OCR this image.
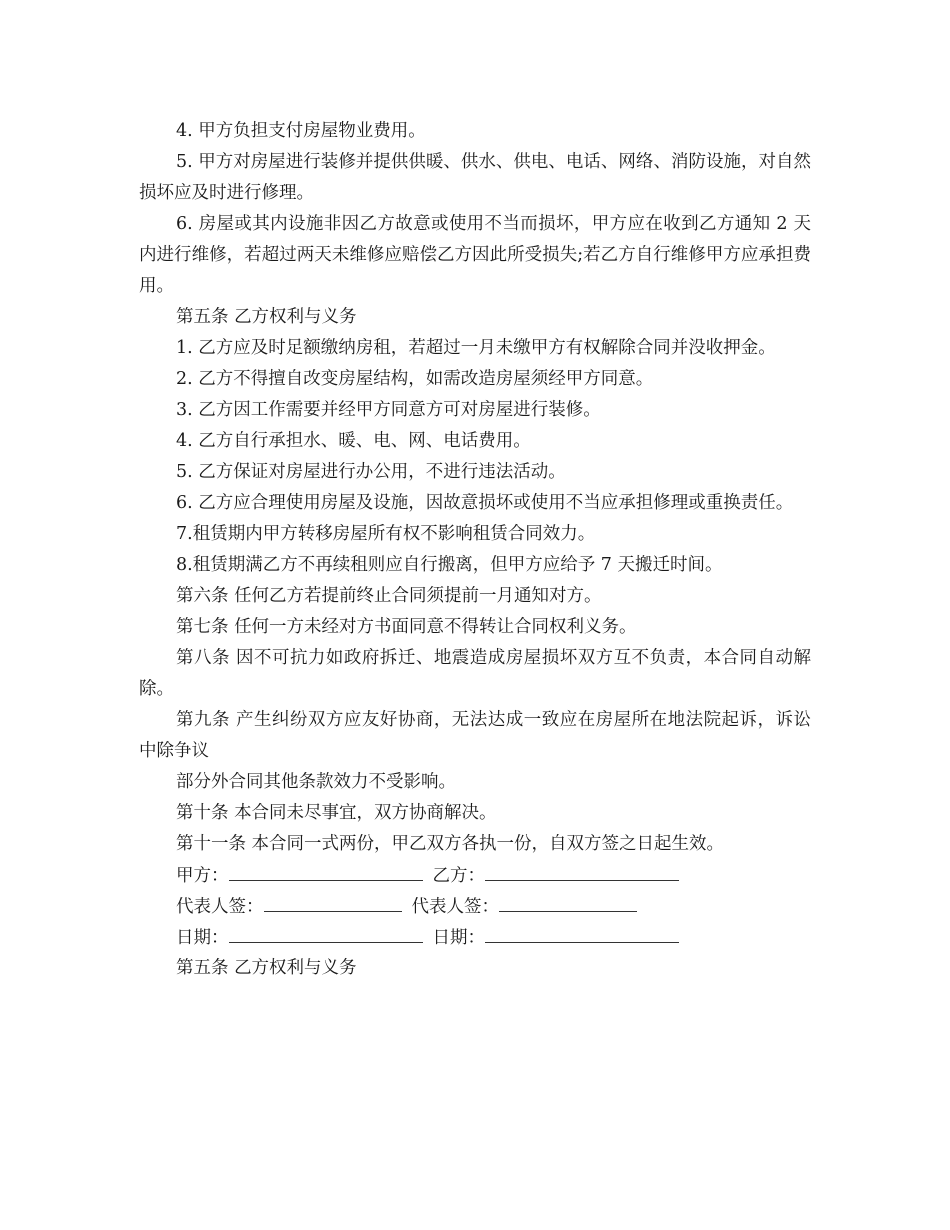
4. 甲方负担支付房屋物业费用。

5. 甲方对房屋进行装修并提供供暖、供水、供电、电话、网络、消防设施，对自然损坏应及时进行修理。

6. 房屋或其内设施非因乙方故意或使用不当而损坏，甲方应在收到乙方通知 2 天内进行维修，若超过两天未维修应赔偿乙方因此所受损失;若乙方自行维修甲方应承担费用。

第五条 乙方权利与义务

1. 乙方应及时足额缴纳房租，若超过一月未缴甲方有权解除合同并没收押金。

2. 乙方不得擅自改变房屋结构，如需改造房屋须经甲方同意。

3. 乙方因工作需要并经甲方同意方可对房屋进行装修。

4. 乙方自行承担水、暖、电、网、电话费用。

5. 乙方保证对房屋进行办公用，不进行违法活动。

6. 乙方应合理使用房屋及设施，因故意损坏或使用不当应承担修理或重换责任。

7.租赁期内甲方转移房屋所有权不影响租赁合同效力。

8.租赁期满乙方不再续租则应自行搬离，但甲方应给予 7 天搬迁时间。

第六条 任何乙方若提前终止合同须提前一月通知对方。

第七条 任何一方未经对方书面同意不得转让合同权利义务。

第八条 因不可抗力如政府拆迁、地震造成房屋损坏双方互不负责，本合同自动解除。

第九条 产生纠纷双方应友好协商，无法达成一致应在房屋所在地法院起诉，诉讼中除争议

部分外合同其他条款效力不受影响。

第十条 本合同未尽事宜，双方协商解决。

第十一条 本合同一式两份，甲乙双方各执一份，自双方签之日起生效。

甲方：	乙方：
代表人签：	代表人签：
日期：	日期：

第五条 乙方权利与义务
